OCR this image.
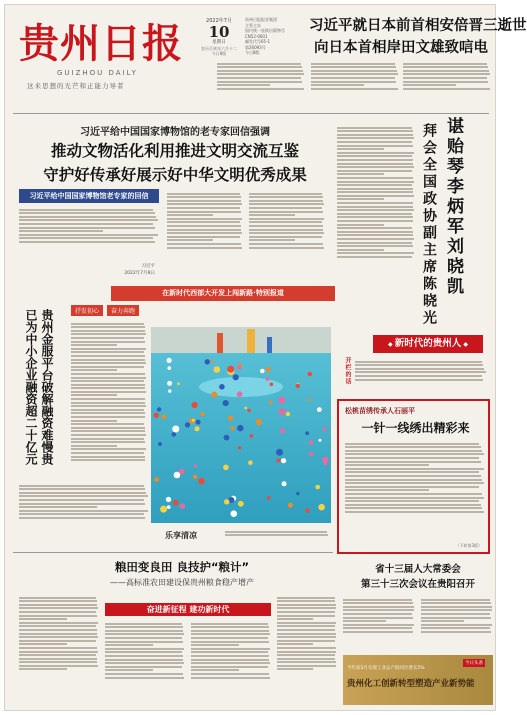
贵州日报
GUIZHOU DAILY
这来思想的光芒和正能力导者
2022年7月
10
星期日
农历壬寅年六月十二
今日8版
贵州日报报业集团
主管主办
国内统一连续出版物号
CN52-0001
邮发代号65-1
第26093号
今日8版
习近平就日本前首相安倍晋三逝世
向日本首相岸田文雄致唁电
习近平给中国国家博物馆的老专家回信强调
推动文物活化利用推进文明交流互鉴
守护好传承好展示好中华文明优秀成果
习近平给中国国家博物馆老专家的回信
习近平
2022年7月8日	谌贻琴李炳军刘晓凯
拜会全国政协副主席陈晓光
◆ 新时代的贵州人 ◆
开栏的话
松桃苗绣传承人石丽平
一针一线绣出精彩来
（下转第3版）
在新时代西部大开发上闯新路·特别报道
抒发初心	奋力奔跑
贵州金服平台破解融资难慢贵 已为中小企业融资超二十亿元
乐享清凉
粮田变良田 良技护“粮计”
——高标准农田建设保贵州粮食稳产增产
奋进新征程 建功新时代
省十三届人大常委会
第三十三次会议在贵阳召开
今日头条
今年前5月实现工业总产值同比增长5%
贵州化工创新转型塑造产业新势能
